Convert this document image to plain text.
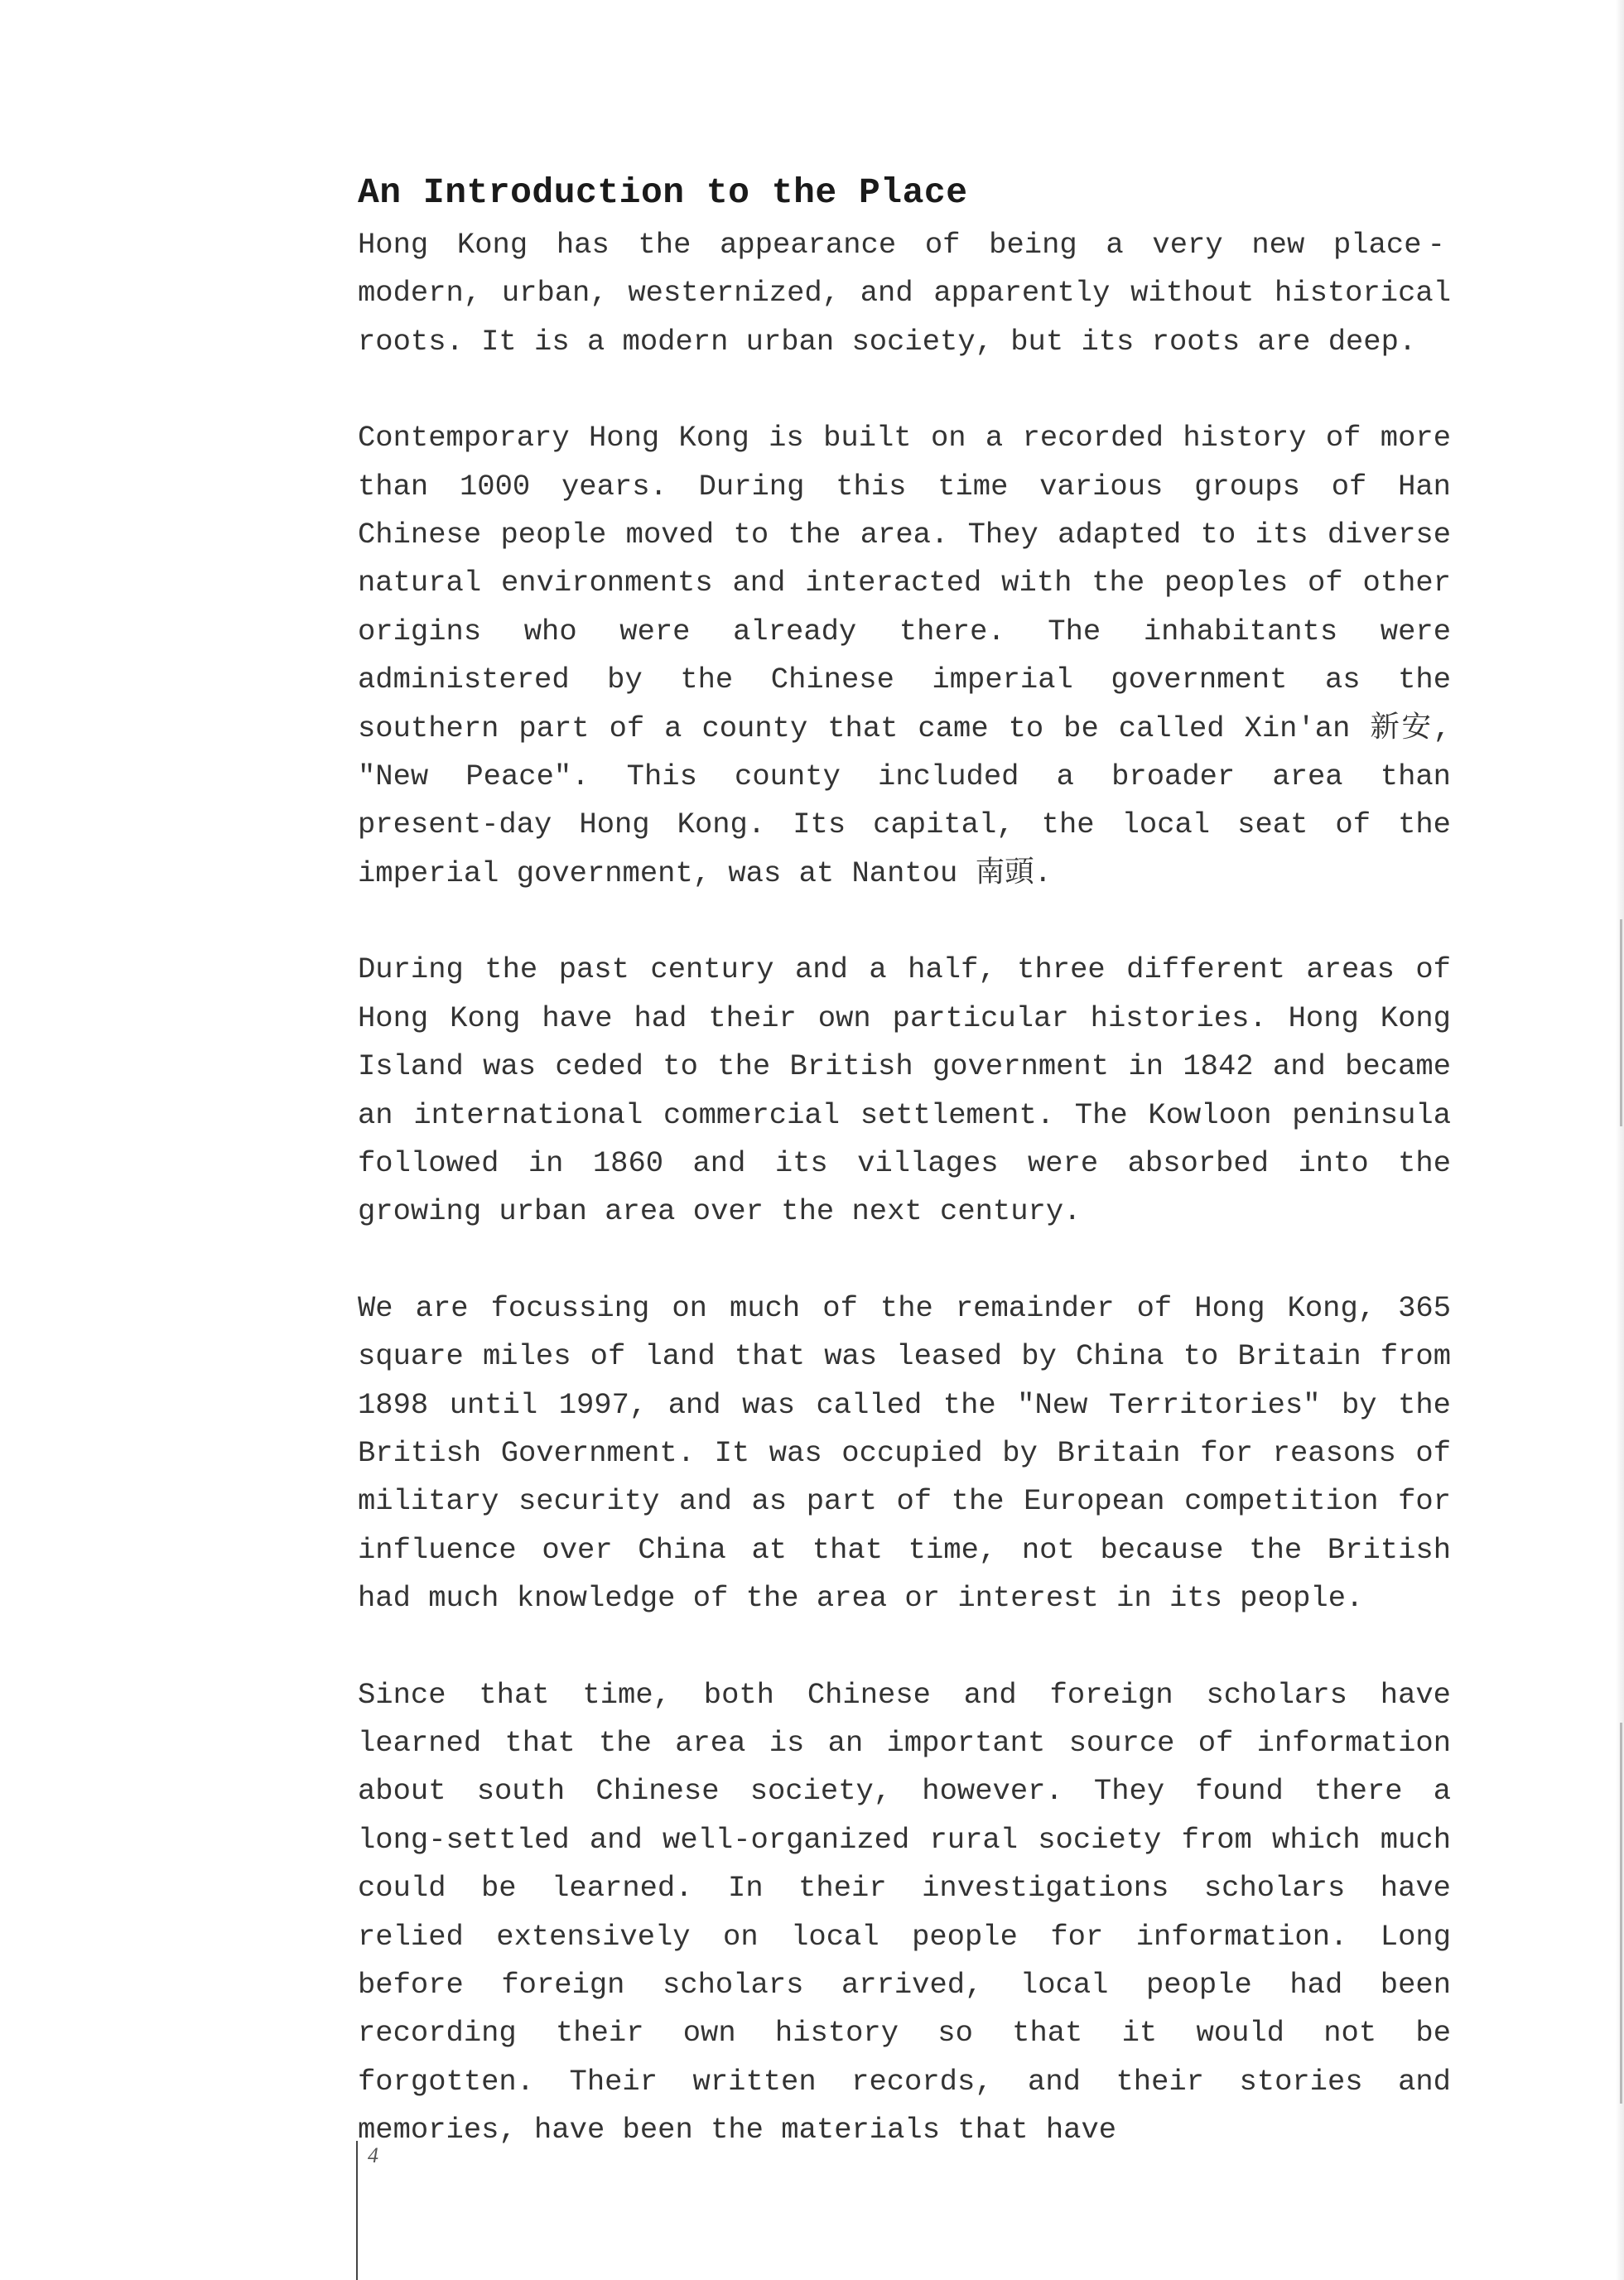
An Introduction to the Place

Hong Kong has the appearance of being a very new place - modern, urban, westernized, and apparently without historical roots. It is a modern urban society, but its roots are deep.

Contemporary Hong Kong is built on a recorded history of more than 1000 years. During this time various groups of Han Chinese people moved to the area. They adapted to its diverse natural environments and interacted with the peoples of other origins who were already there. The inhabitants were administered by the Chinese imperial government as the southern part of a county that came to be called Xin'an 新安, "New Peace". This county included a broader area than present-day Hong Kong. Its capital, the local seat of the imperial government, was at Nantou 南頭.

During the past century and a half, three different areas of Hong Kong have had their own particular histories. Hong Kong Island was ceded to the British government in 1842 and became an international commercial settlement. The Kowloon peninsula followed in 1860 and its villages were absorbed into the growing urban area over the next century.

We are focussing on much of the remainder of Hong Kong, 365 square miles of land that was leased by China to Britain from 1898 until 1997, and was called the "New Territories" by the British Government. It was occupied by Britain for reasons of military security and as part of the European competition for influence over China at that time, not because the British had much knowledge of the area or interest in its people.

Since that time, both Chinese and foreign scholars have learned that the area is an important source of information about south Chinese society, however. They found there a long-settled and well-organized rural society from which much could be learned. In their investigations scholars have relied extensively on local people for information. Long before foreign scholars arrived, local people had been recording their own history so that it would not be forgotten. Their written records, and their stories and memories, have been the materials that have

4
